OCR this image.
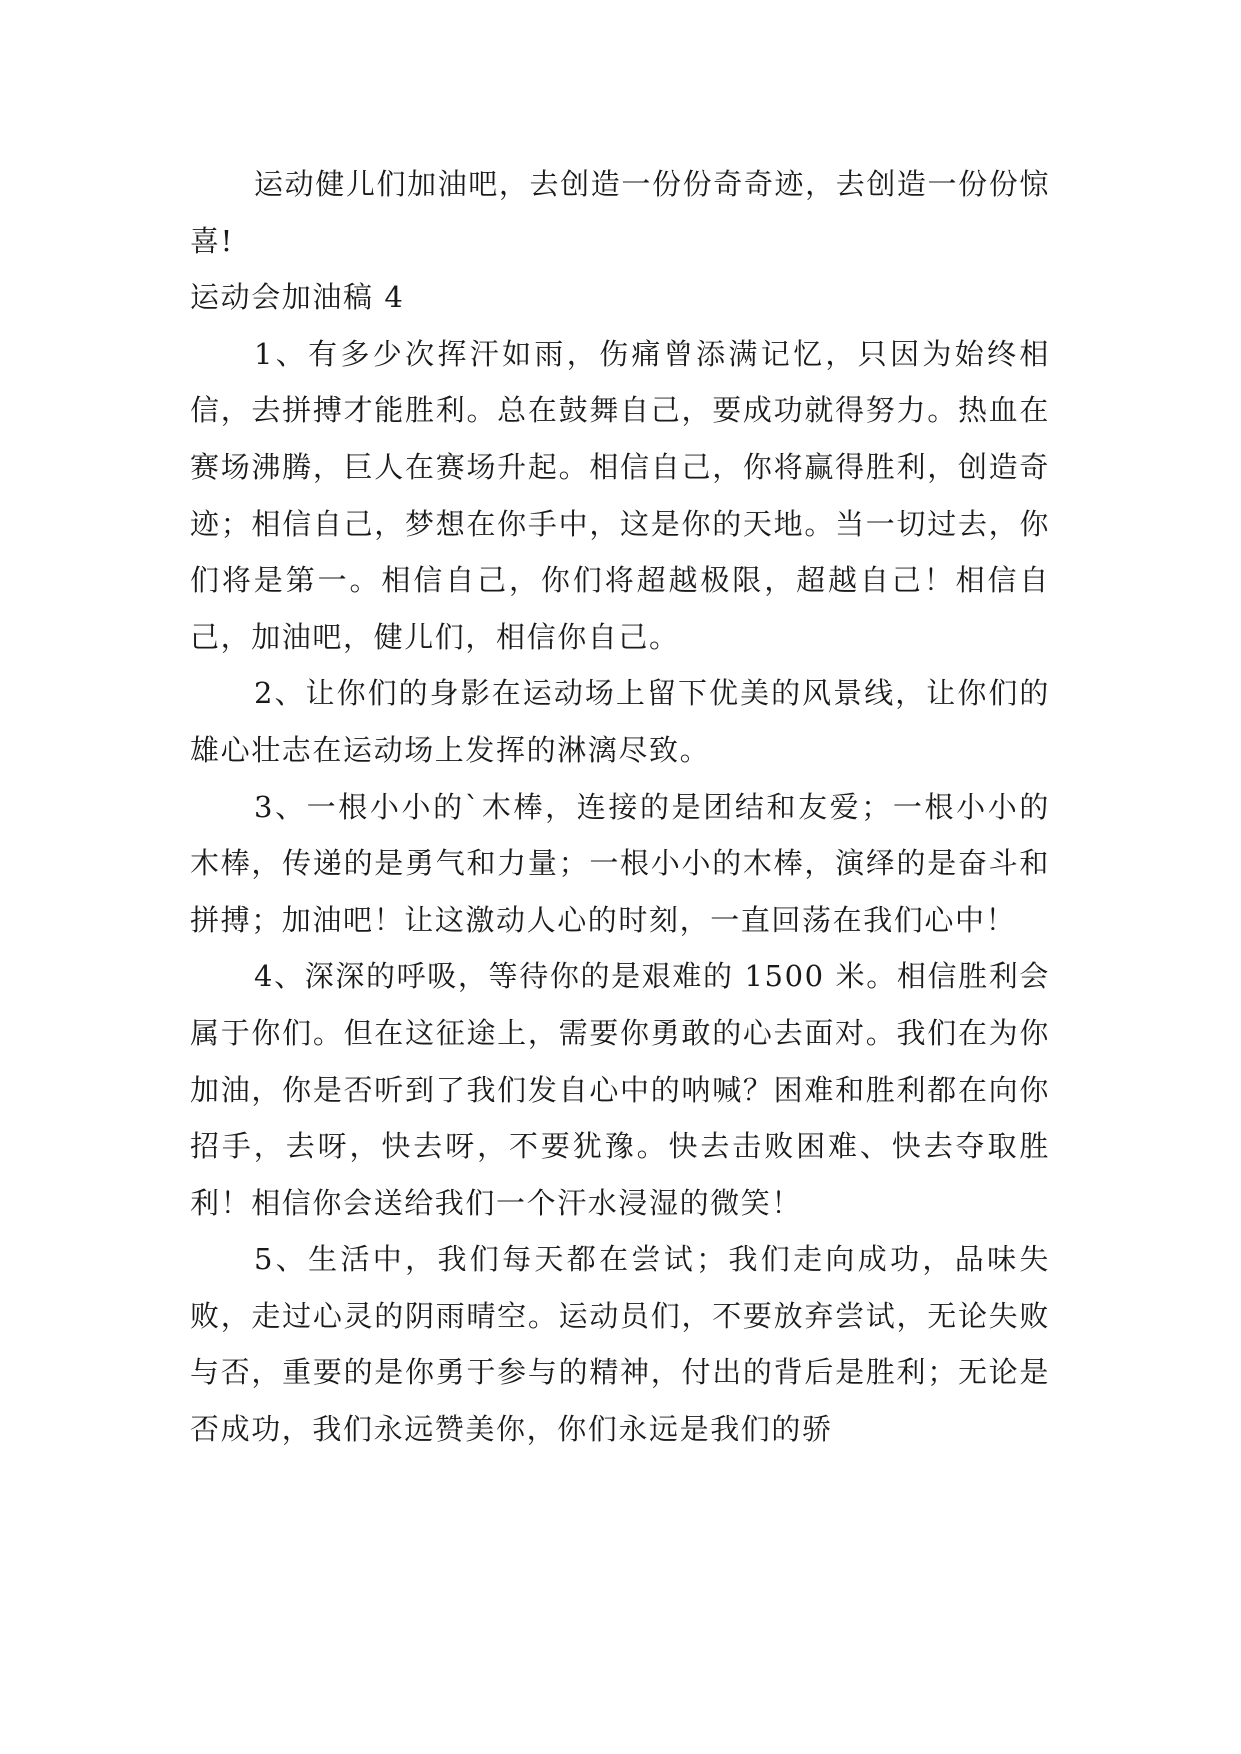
运动健儿们加油吧，去创造一份份奇奇迹，去创造一份份惊喜!

运动会加油稿 4

1、有多少次挥汗如雨，伤痛曾添满记忆，只因为始终相信，去拼搏才能胜利。总在鼓舞自己，要成功就得努力。热血在赛场沸腾，巨人在赛场升起。相信自己，你将赢得胜利，创造奇迹；相信自己，梦想在你手中，这是你的天地。当一切过去，你们将是第一。相信自己，你们将超越极限，超越自己！相信自己，加油吧，健儿们，相信你自己。

2、让你们的身影在运动场上留下优美的风景线，让你们的雄心壮志在运动场上发挥的淋漓尽致。

3、一根小小的`木棒，连接的是团结和友爱；一根小小的木棒，传递的是勇气和力量；一根小小的木棒，演绎的是奋斗和拼搏；加油吧！让这激动人心的时刻，一直回荡在我们心中！

4、深深的呼吸，等待你的是艰难的 1500 米。相信胜利会属于你们。但在这征途上，需要你勇敢的心去面对。我们在为你加油，你是否听到了我们发自心中的呐喊？困难和胜利都在向你招手，去呀，快去呀，不要犹豫。快去击败困难、快去夺取胜利！相信你会送给我们一个汗水浸湿的微笑！

5、生活中，我们每天都在尝试；我们走向成功，品味失败，走过心灵的阴雨晴空。运动员们，不要放弃尝试，无论失败与否，重要的是你勇于参与的精神，付出的背后是胜利；无论是否成功，我们永远赞美你，你们永远是我们的骄
